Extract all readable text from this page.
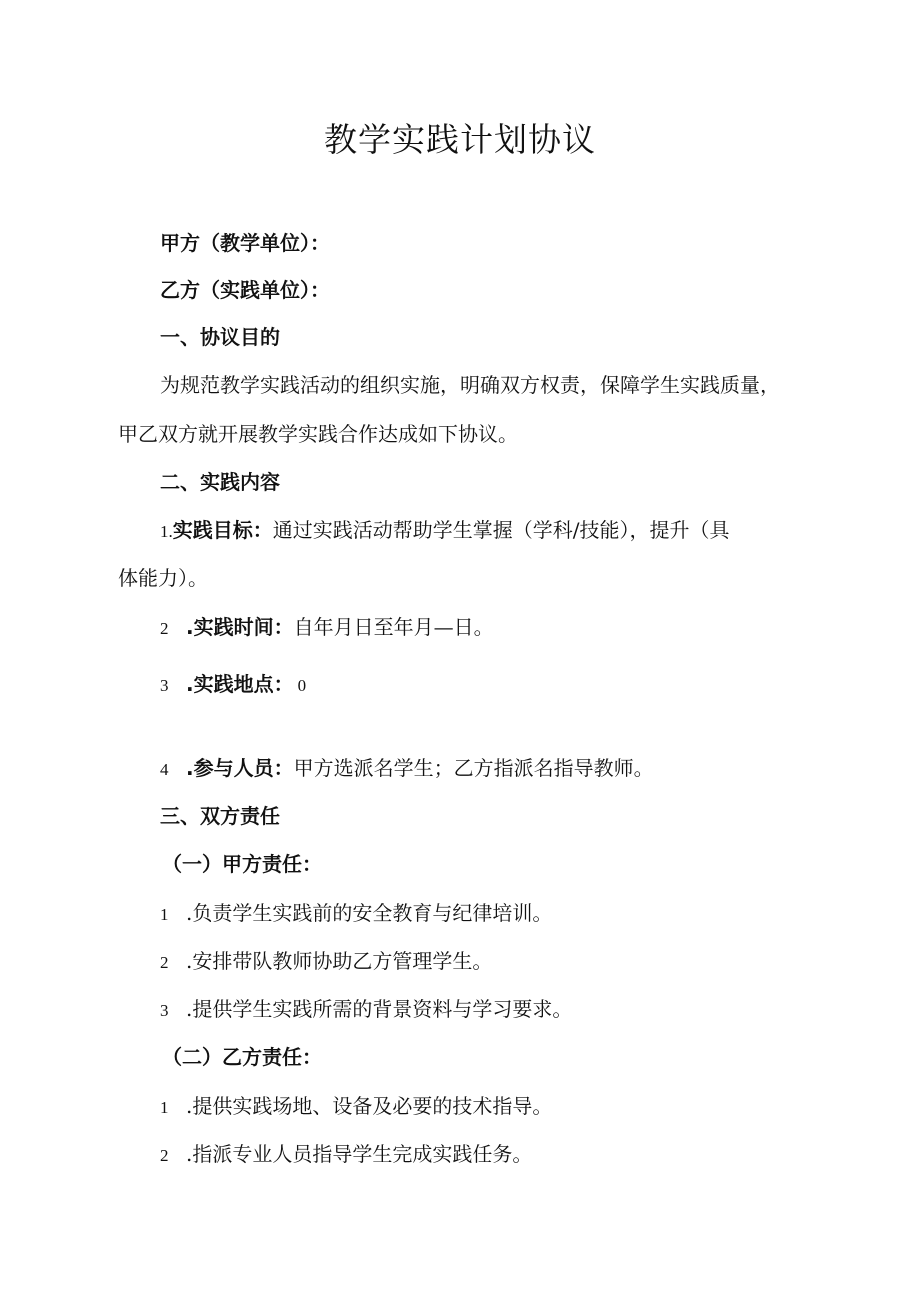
教学实践计划协议
甲方（教学单位）：
乙方（实践单位）：
一、协议目的
为规范教学实践活动的组织实施，明确双方权责，保障学生实践质量，
甲乙双方就开展教学实践合作达成如下协议。
二、实践内容
1.实践目标：通过实践活动帮助学生掌握（学科/技能），提升（具
体能力）。
2 .实践时间：自年月日至年月—日。
3 .实践地点： 0
4 .参与人员：甲方选派名学生；乙方指派名指导教师。
三、双方责任
（一）甲方责任：
1 .负责学生实践前的安全教育与纪律培训。
2 .安排带队教师协助乙方管理学生。
3 .提供学生实践所需的背景资料与学习要求。
（二）乙方责任：
1 .提供实践场地、设备及必要的技术指导。
2 .指派专业人员指导学生完成实践任务。
